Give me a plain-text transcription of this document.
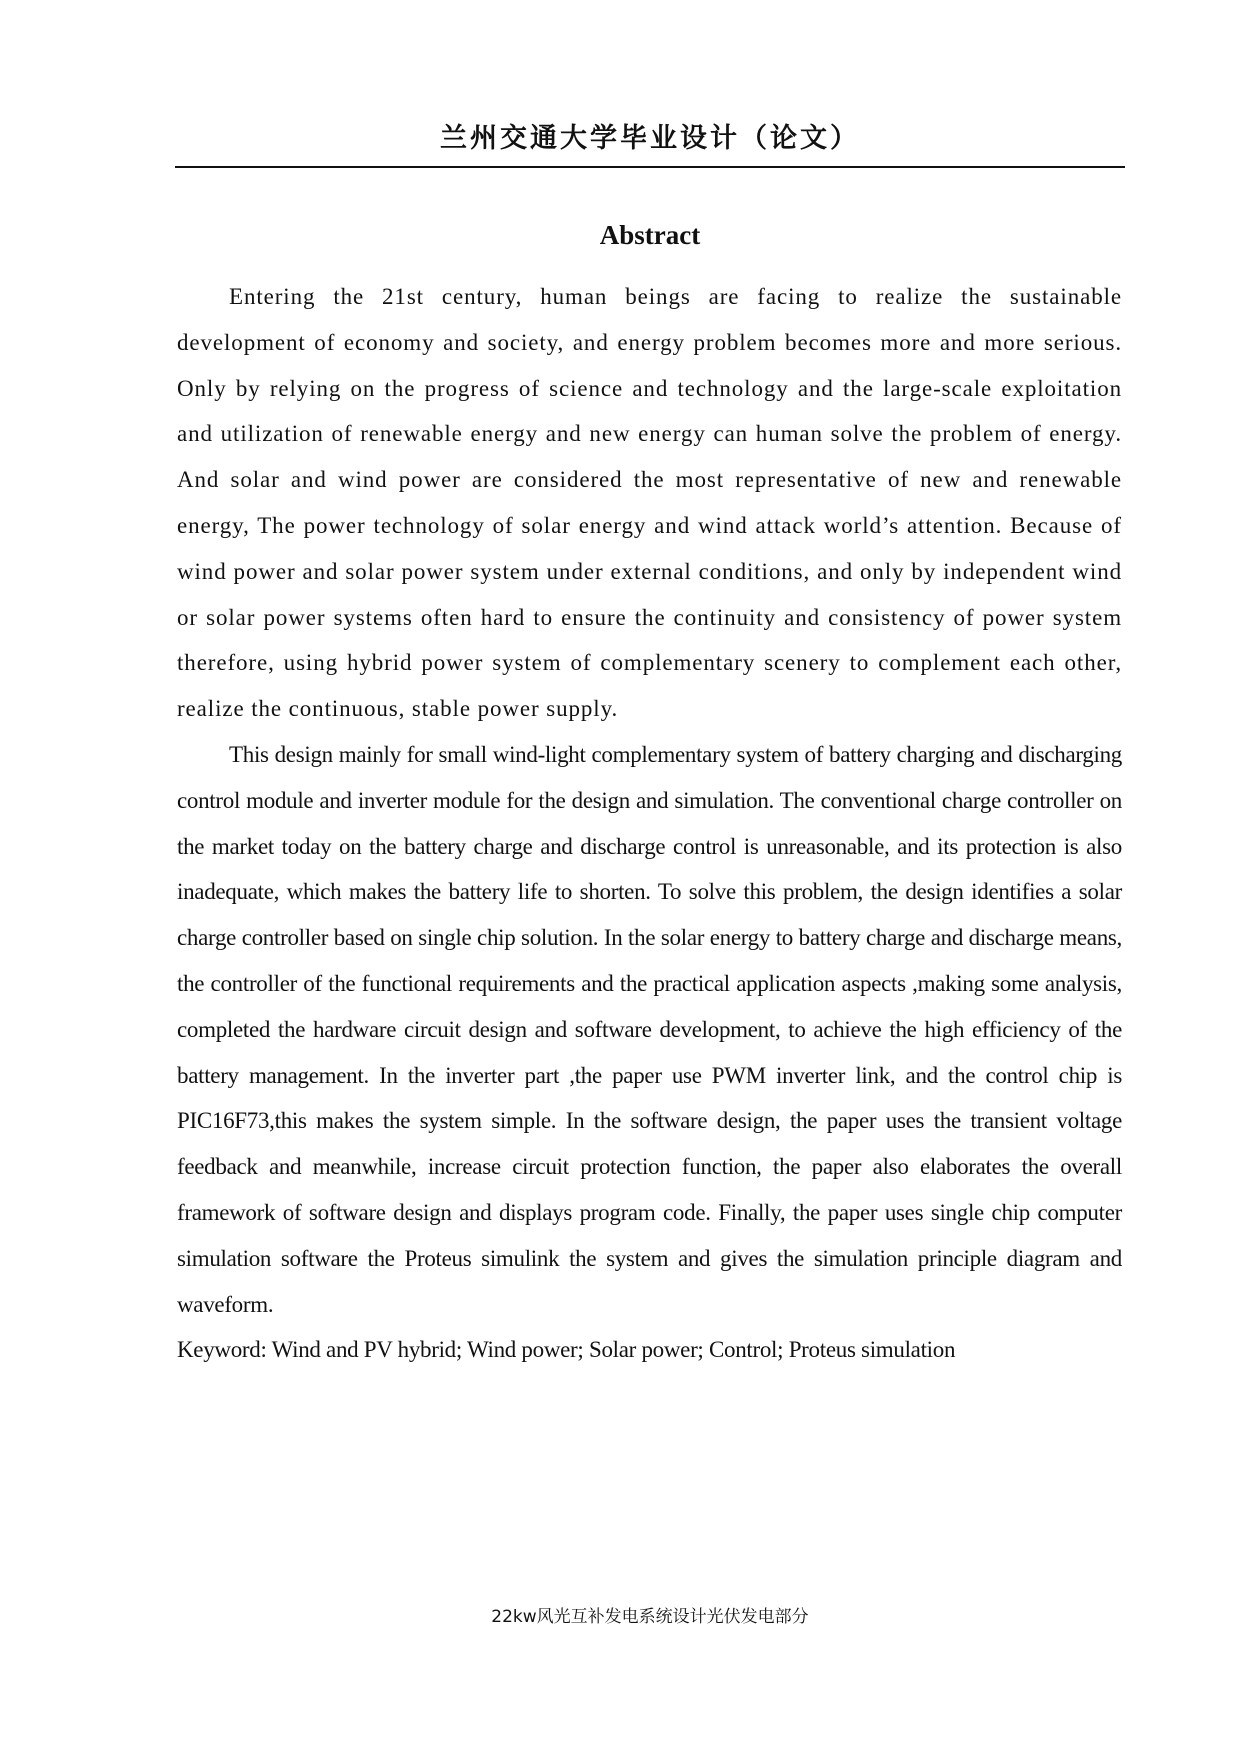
兰州交通大学毕业设计（论文）
Abstract

Entering the 21st century, human beings are facing to realize the sustainable development of economy and society, and energy problem becomes more and more serious. Only by relying on the progress of science and technology and the large-scale exploitation and utilization of renewable energy and new energy can human solve the problem of energy. And solar and wind power are considered the most representative of new and renewable energy, The power technology of solar energy and wind attack world’s attention. Because of wind power and solar power system under external conditions, and only by independent wind or solar power systems often hard to ensure the continuity and consistency of power system therefore, using hybrid power system of complementary scenery to complement each other, realize the continuous, stable power supply.

This design mainly for small wind-light complementary system of battery charging and discharging control module and inverter module for the design and simulation. The conventional charge controller on the market today on the battery charge and discharge control is unreasonable, and its protection is also inadequate, which makes the battery life to shorten. To solve this problem, the design identifies a solar charge controller based on single chip solution. In the solar energy to battery charge and discharge means, the controller of the functional requirements and the practical application aspects ,making some analysis, completed the hardware circuit design and software development, to achieve the high efficiency of the battery management. In the inverter part ,the paper use PWM inverter link, and the control chip is PIC16F73,this makes the system simple. In the software design, the paper uses the transient voltage feedback and meanwhile, increase circuit protection function, the paper also elaborates the overall framework of software design and displays program code. Finally, the paper uses single chip computer simulation software the Proteus simulink the system and gives the simulation principle diagram and waveform.

Keyword: Wind and PV hybrid; Wind power; Solar power; Control; Proteus simulation

22kw风光互补发电系统设计光伏发电部分
